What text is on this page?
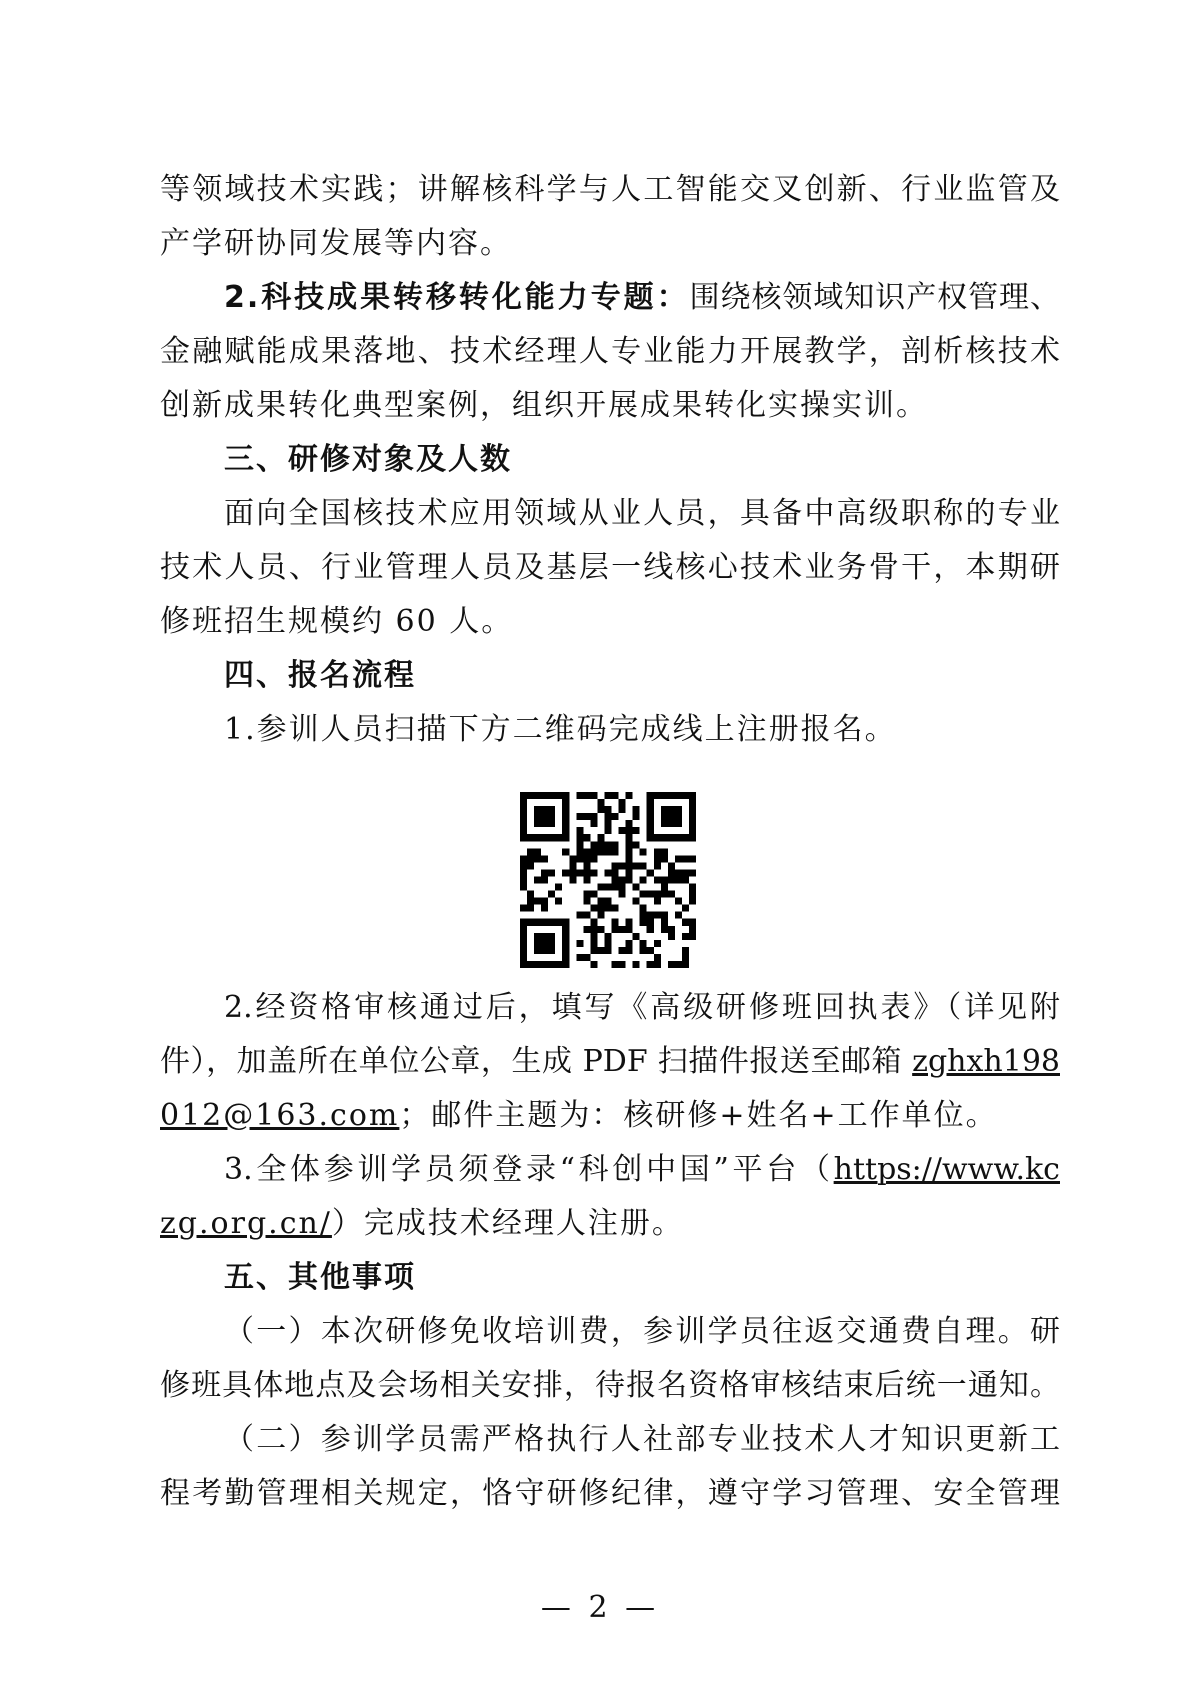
等领域技术实践；讲解核科学与人工智能交叉创新、行业监管及
产学研协同发展等内容。
2.科技成果转移转化能力专题：围绕核领域知识产权管理、
金融赋能成果落地、技术经理人专业能力开展教学，剖析核技术
创新成果转化典型案例，组织开展成果转化实操实训。
三、研修对象及人数
面向全国核技术应用领域从业人员，具备中高级职称的专业
技术人员、行业管理人员及基层一线核心技术业务骨干，本期研
修班招生规模约 60 人。
四、报名流程
1.参训人员扫描下方二维码完成线上注册报名。
2.经资格审核通过后，填写《高级研修班回执表》（详见附
件），加盖所在单位公章，生成 PDF 扫描件报送至邮箱 zghxh198
012@163.com；邮件主题为：核研修+姓名+工作单位。
3.全体参训学员须登录“科创中国”平台（https://www.kc
zg.org.cn/）完成技术经理人注册。
五、其他事项
（一）本次研修免收培训费，参训学员往返交通费自理。研
修班具体地点及会场相关安排，待报名资格审核结束后统一通知。
（二）参训学员需严格执行人社部专业技术人才知识更新工
程考勤管理相关规定，恪守研修纪律，遵守学习管理、安全管理
— 2 —
